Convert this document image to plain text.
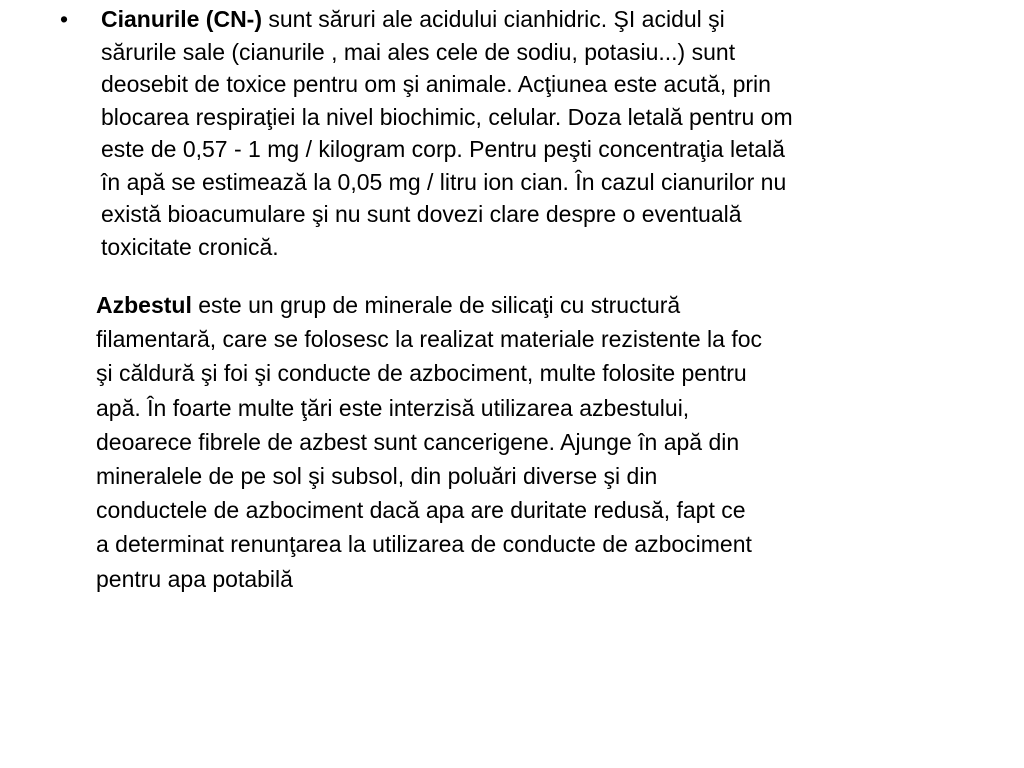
• Cianurile (CN-) sunt săruri ale acidului cianhidric. ŞI acidul şi
sărurile sale (cianurile , mai ales cele de sodiu, potasiu...) sunt
deosebit de toxice pentru om şi animale. Acţiunea este acută, prin
blocarea respiraţiei la nivel biochimic, celular. Doza letală pentru om
este de 0,57 - 1 mg / kilogram corp. Pentru peşti concentraţia letală
în apă se estimează la 0,05 mg / litru ion cian. În cazul cianurilor nu
există bioacumulare şi nu sunt dovezi clare despre o eventuală
toxicitate cronică.
Azbestul este un grup de minerale de silicaţi cu structură
filamentară, care se folosesc la realizat materiale rezistente la foc
şi căldură şi foi şi conducte de azbociment, multe folosite pentru
apă. În foarte multe ţări este interzisă utilizarea azbestului,
deoarece fibrele de azbest sunt cancerigene. Ajunge în apă din
mineralele de pe sol şi subsol, din poluări diverse şi din
conductele de azbociment dacă apa are duritate redusă, fapt ce
a determinat renunţarea la utilizarea de conducte de azbociment
pentru apa potabilă
